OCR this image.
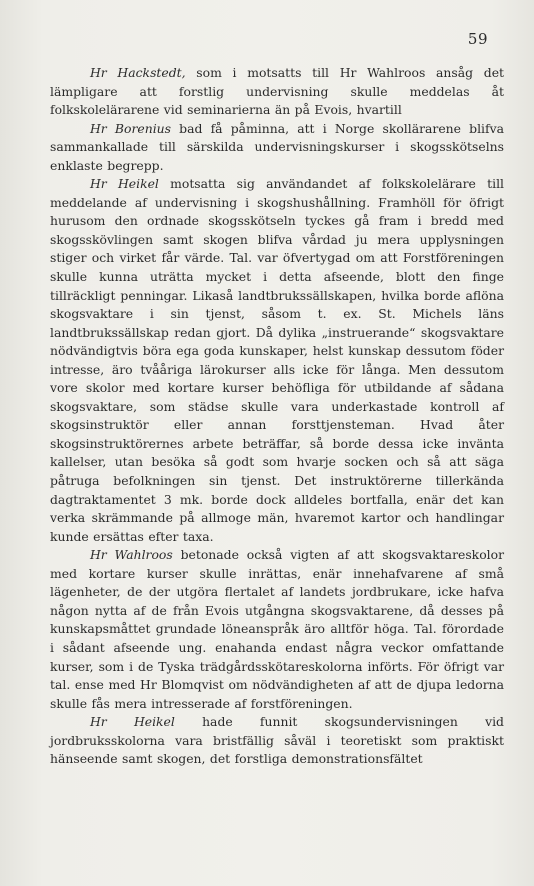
59

Hr Hackstedt, som i motsatts till Hr Wahlroos ansåg det lämpligare att forstlig undervisning skulle meddelas åt folkskolelärarene vid seminarierna än på Evois, hvartill

Hr Borenius bad få påminna, att i Norge skollärarene blifva sammankallade till särskilda undervisningskurser i skogsskötselns enklaste begrepp.

Hr Heikel motsatta sig användandet af folkskolelärare till meddelande af undervisning i skogshushållning. Framhöll för öfrigt hurusom den ordnade skogsskötseln tyckes gå fram i bredd med skogsskövlingen samt skogen blifva vårdad ju mera upplysningen stiger och virket får värde. Tal. var öfvertygad om att Forstföreningen skulle kunna uträtta mycket i detta afseende, blott den finge tillräckligt penningar. Likaså landtbrukssällskapen, hvilka borde aflöna skogsvaktare i sin tjenst, såsom t. ex. St. Michels läns landtbrukssällskap redan gjort. Då dylika „instruerande“ skogsvaktare nödvändigtvis böra ega goda kunskaper, helst kunskap dessutom föder intresse, äro tvååriga lärokurser alls icke för långa. Men dessutom vore skolor med kortare kurser behöfliga för utbildande af sådana skogsvaktare, som städse skulle vara underkastade kontroll af skogsinstruktör eller annan forsttjensteman. Hvad åter skogsinstruktörernes arbete beträffar, så borde dessa icke invänta kallelser, utan besöka så godt som hvarje socken och så att säga påtruga befolkningen sin tjenst. Det instruktörerne tillerkända dagtraktamentet 3 mk. borde dock alldeles bortfalla, enär det kan verka skrämmande på allmoge män, hvaremot kartor och handlingar kunde ersättas efter taxa.

Hr Wahlroos betonade också vigten af att skogsvaktareskolor med kortare kurser skulle inrättas, enär innehafvarene af små lägenheter, de der utgöra flertalet af landets jordbrukare, icke hafva någon nytta af de från Evois utgångna skogsvaktarene, då desses på kunskapsmåttet grundade löneanspråk äro alltför höga. Tal. förordade i sådant afseende ung. enahanda endast några veckor omfattande kurser, som i de Tyska trädgårdsskötareskolorna införts. För öfrigt var tal. ense med Hr Blomqvist om nödvändigheten af att de djupa ledorna skulle fås mera intresserade af forstföreningen.

Hr Heikel hade funnit skogsundervisningen vid jordbruksskolorna vara bristfällig såväl i teoretiskt som praktiskt hänseende samt skogen, det forstliga demonstrationsfältet
